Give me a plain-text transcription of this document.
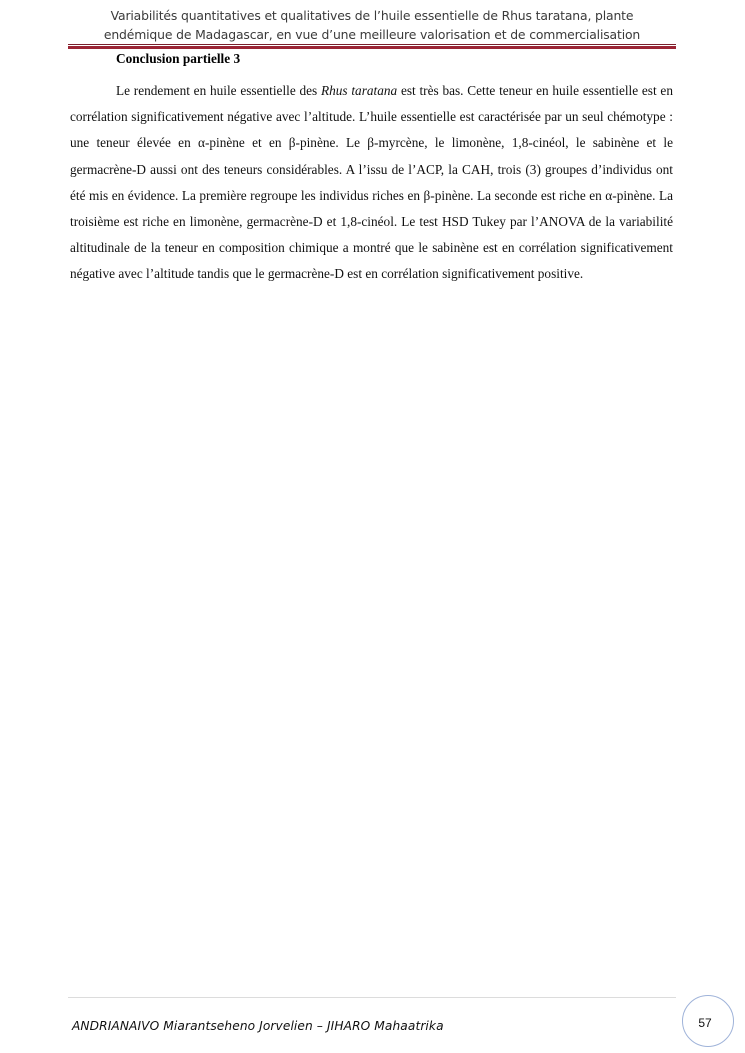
Variabilités quantitatives et qualitatives de l’huile essentielle de Rhus taratana, plante
endémique de Madagascar, en vue d’une meilleure valorisation et de commercialisation
Conclusion partielle 3

Le rendement en huile essentielle des Rhus taratana est très bas. Cette teneur en huile essentielle est en corrélation significativement négative avec l’altitude. L’huile essentielle est caractérisée par un seul chémotype : une teneur élevée en α-pinène et en β-pinène. Le β-myrcène, le limonène, 1,8-cinéol, le sabinène et le germacrène-D aussi ont des teneurs considérables. A l’issu de l’ACP, la CAH, trois (3) groupes d’individus ont été mis en évidence. La première regroupe les individus riches en β-pinène. La seconde est riche en α-pinène. La troisième est riche en limonène, germacrène-D et 1,8-cinéol. Le test HSD Tukey par l’ANOVA de la variabilité altitudinale de la teneur en composition chimique a montré que le sabinène est en corrélation significativement négative avec l’altitude tandis que le germacrène-D est en corrélation significativement positive.

ANDRIANAIVO Miarantseheno Jorvelien – JIHARO Mahaatrika	57
